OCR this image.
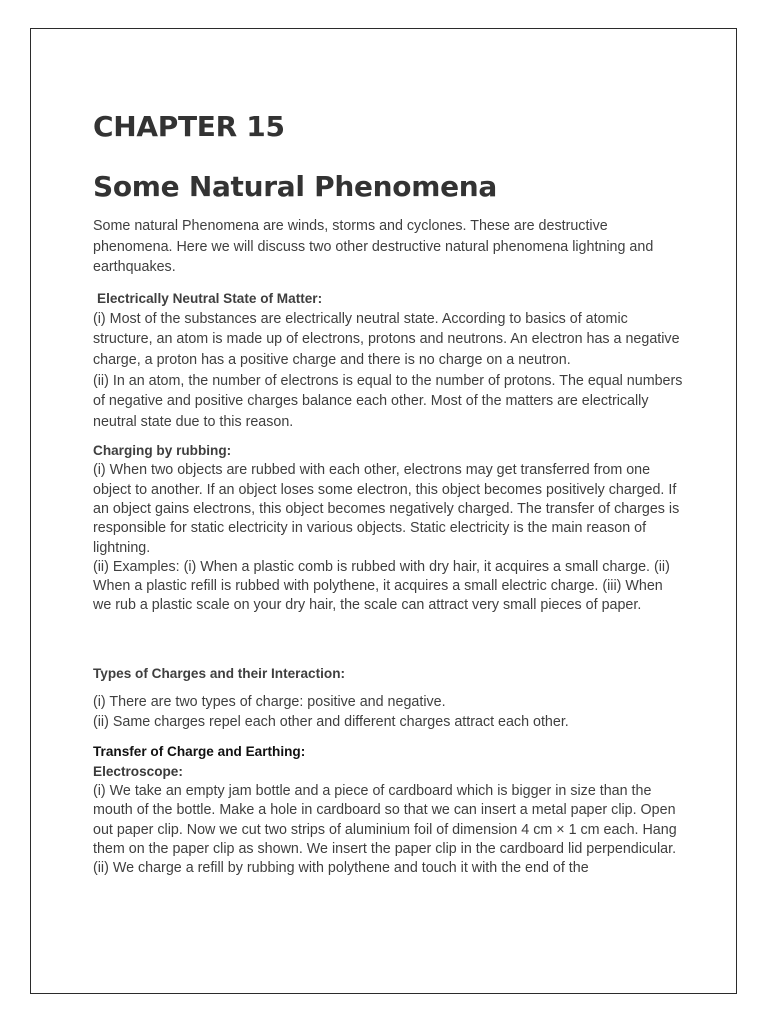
CHAPTER 15
Some Natural Phenomena

Some natural Phenomena are winds, storms and cyclones. These are destructive phenomena. Here we will discuss two other destructive natural phenomena lightning and earthquakes.

Electrically Neutral State of Matter:

(i) Most of the substances are electrically neutral state. According to basics of atomic structure, an atom is made up of electrons, protons and neutrons. An electron has a negative charge, a proton has a positive charge and there is no charge on a neutron.

(ii) In an atom, the number of electrons is equal to the number of protons. The equal numbers of negative and positive charges balance each other. Most of the matters are electrically neutral state due to this reason.

Charging by rubbing:

(i) When two objects are rubbed with each other, electrons may get transferred from one object to another. If an object loses some electron, this object becomes positively charged. If an object gains electrons, this object becomes negatively charged. The transfer of charges is responsible for static electricity in various objects. Static electricity is the main reason of lightning.

(ii) Examples: (i) When a plastic comb is rubbed with dry hair, it acquires a small charge. (ii) When a plastic refill is rubbed with polythene, it acquires a small electric charge. (iii) When we rub a plastic scale on your dry hair, the scale can attract very small pieces of paper.

Types of Charges and their Interaction:

(i) There are two types of charge: positive and negative.

(ii) Same charges repel each other and different charges attract each other.

Transfer of Charge and Earthing:

Electroscope:

(i) We take an empty jam bottle and a piece of cardboard which is bigger in size than the mouth of the bottle. Make a hole in cardboard so that we can insert a metal paper clip. Open out paper clip. Now we cut two strips of aluminium foil of dimension 4 cm × 1 cm each. Hang them on the paper clip as shown. We insert the paper clip in the cardboard lid perpendicular.

(ii) We charge a refill by rubbing with polythene and touch it with the end of the
